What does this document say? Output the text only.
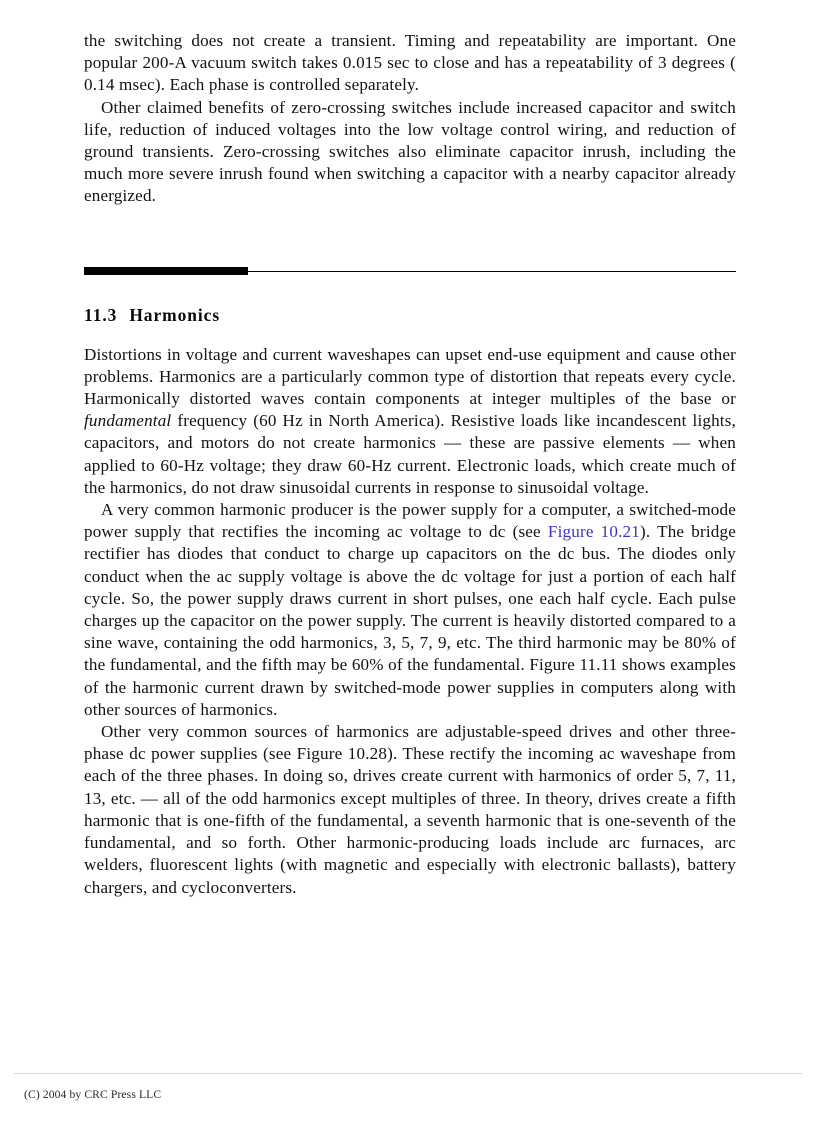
the switching does not create a transient. Timing and repeatability are important. One popular 200-A vacuum switch takes 0.015 sec to close and has a repeatability of 3 degrees ( 0.14 msec). Each phase is controlled separately.

Other claimed benefits of zero-crossing switches include increased capacitor and switch life, reduction of induced voltages into the low voltage control wiring, and reduction of ground transients. Zero-crossing switches also eliminate capacitor inrush, including the much more severe inrush found when switching a capacitor with a nearby capacitor already energized.

11.3 Harmonics

Distortions in voltage and current waveshapes can upset end-use equipment and cause other problems. Harmonics are a particularly common type of distortion that repeats every cycle. Harmonically distorted waves contain components at integer multiples of the base or fundamental frequency (60 Hz in North America). Resistive loads like incandescent lights, capacitors, and motors do not create harmonics — these are passive elements — when applied to 60-Hz voltage; they draw 60-Hz current. Electronic loads, which create much of the harmonics, do not draw sinusoidal currents in response to sinusoidal voltage.

A very common harmonic producer is the power supply for a computer, a switched-mode power supply that rectifies the incoming ac voltage to dc (see Figure 10.21). The bridge rectifier has diodes that conduct to charge up capacitors on the dc bus. The diodes only conduct when the ac supply voltage is above the dc voltage for just a portion of each half cycle. So, the power supply draws current in short pulses, one each half cycle. Each pulse charges up the capacitor on the power supply. The current is heavily distorted compared to a sine wave, containing the odd harmonics, 3, 5, 7, 9, etc. The third harmonic may be 80% of the fundamental, and the fifth may be 60% of the fundamental. Figure 11.11 shows examples of the harmonic current drawn by switched-mode power supplies in computers along with other sources of harmonics.

Other very common sources of harmonics are adjustable-speed drives and other three-phase dc power supplies (see Figure 10.28). These rectify the incoming ac waveshape from each of the three phases. In doing so, drives create current with harmonics of order 5, 7, 11, 13, etc. — all of the odd harmonics except multiples of three. In theory, drives create a fifth harmonic that is one-fifth of the fundamental, a seventh harmonic that is one-seventh of the fundamental, and so forth. Other harmonic-producing loads include arc furnaces, arc welders, fluorescent lights (with magnetic and especially with electronic ballasts), battery chargers, and cycloconverters.

(C) 2004 by CRC Press LLC
